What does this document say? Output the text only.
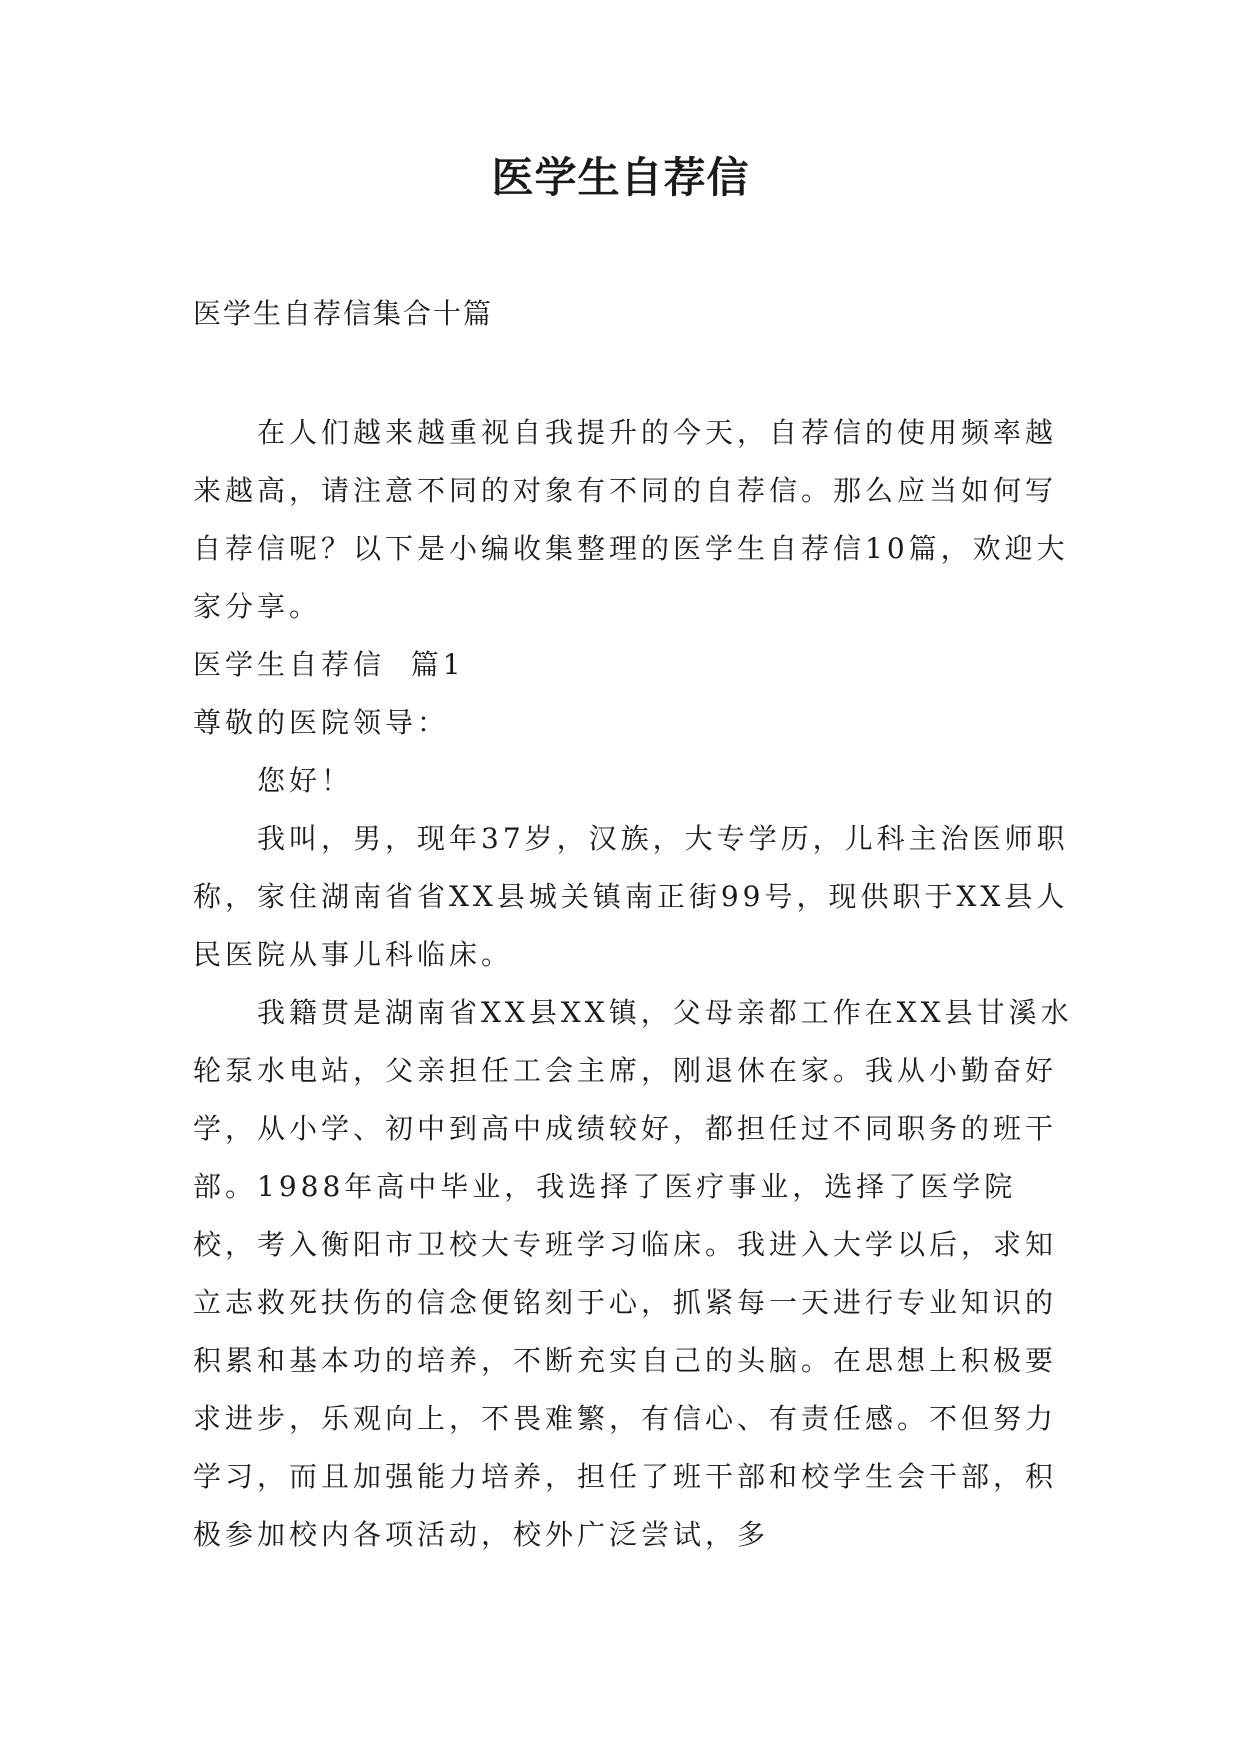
医学生自荐信
医学生自荐信集合十篇

在人们越来越重视自我提升的今天，自荐信的使用频率越来越高，请注意不同的对象有不同的自荐信。那么应当如何写自荐信呢？以下是小编收集整理的医学生自荐信10篇，欢迎大家分享。

医学生自荐信  篇1

尊敬的医院领导：

您好！

我叫，男，现年37岁，汉族，大专学历，儿科主治医师职称，家住湖南省省XX县城关镇南正街99号，现供职于XX县人民医院从事儿科临床。

我籍贯是湖南省XX县XX镇，父母亲都工作在XX县甘溪水轮泵水电站，父亲担任工会主席，刚退休在家。我从小勤奋好学，从小学、初中到高中成绩较好，都担任过不同职务的班干部。1988年高中毕业，我选择了医疗事业，选择了医学院校，考入衡阳市卫校大专班学习临床。我进入大学以后，求知立志救死扶伤的信念便铭刻于心，抓紧每一天进行专业知识的积累和基本功的培养，不断充实自己的头脑。在思想上积极要求进步，乐观向上，不畏难繁，有信心、有责任感。不但努力学习，而且加强能力培养，担任了班干部和校学生会干部，积极参加校内各项活动，校外广泛尝试，多
